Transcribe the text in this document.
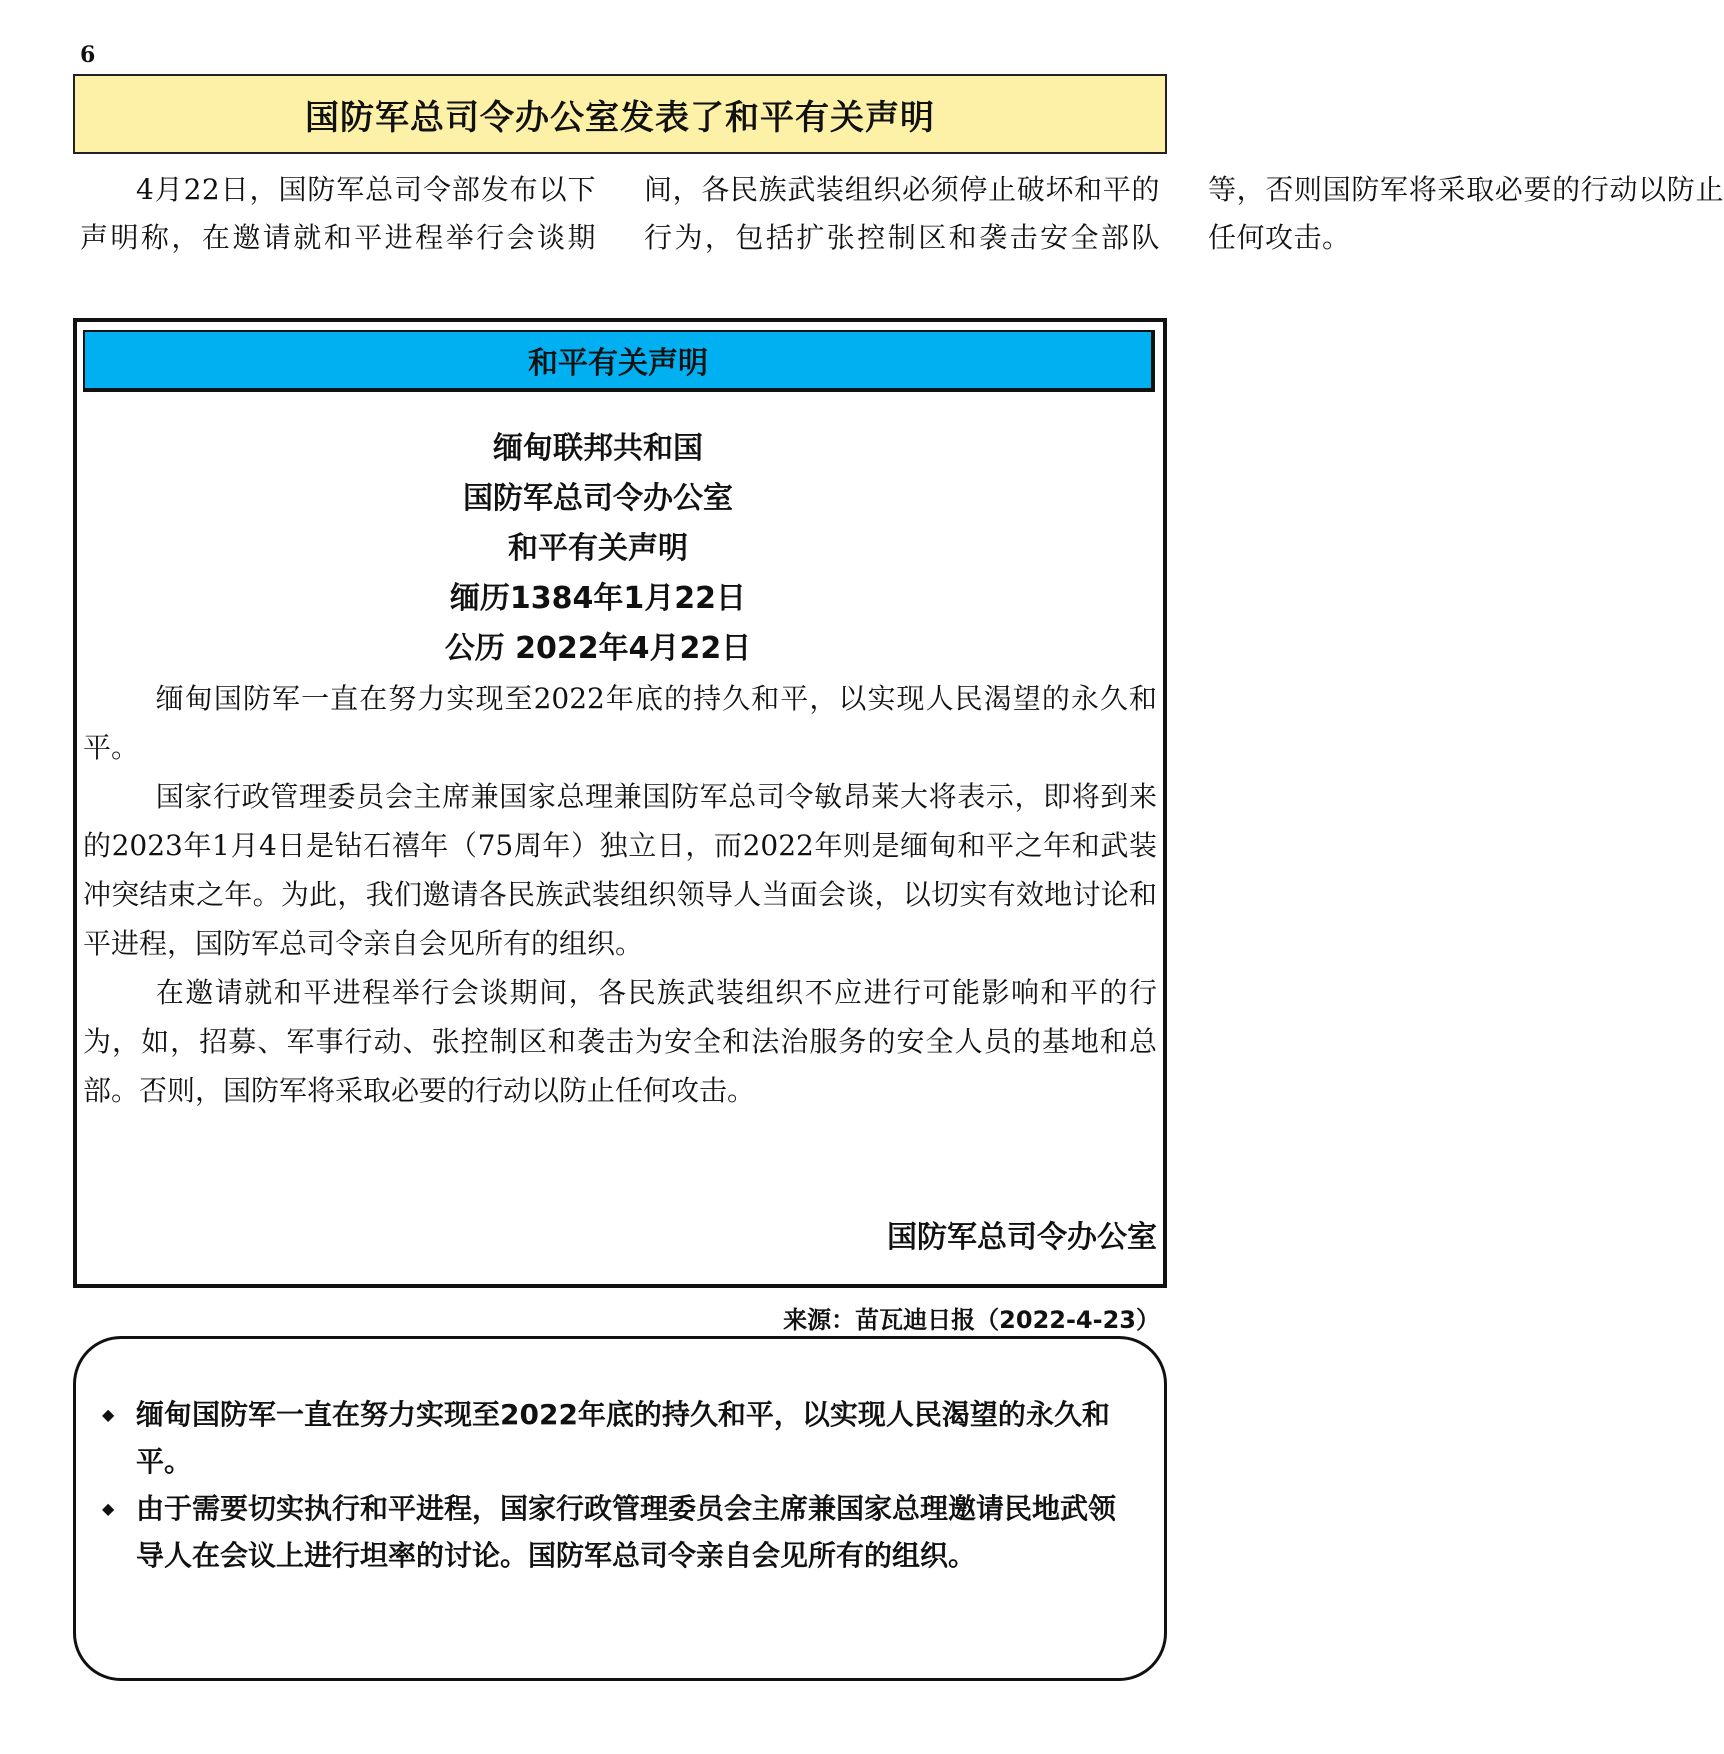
6
国防军总司令办公室发表了和平有关声明
4月22日，国防军总司令部发布以下声明称，在邀请就和平进程举行会谈期间，各民族武装组织必须停止破坏和平的行为，包括扩张控制区和袭击安全部队等，否则国防军将采取必要的行动以防止任何攻击。
和平有关声明
缅甸联邦共和国
国防军总司令办公室
和平有关声明
缅历1384年1月22日
公历 2022年4月22日

缅甸国防军一直在努力实现至2022年底的持久和平，以实现人民渴望的永久和平。

国家行政管理委员会主席兼国家总理兼国防军总司令敏昂莱大将表示，即将到来的2023年1月4日是钻石禧年（75周年）独立日，而2022年则是缅甸和平之年和武装冲突结束之年。为此，我们邀请各民族武装组织领导人当面会谈，以切实有效地讨论和平进程，国防军总司令亲自会见所有的组织。

在邀请就和平进程举行会谈期间，各民族武装组织不应进行可能影响和平的行为，如，招募、军事行动、张控制区和袭击为安全和法治服务的安全人员的基地和总部。否则，国防军将采取必要的行动以防止任何攻击。

国防军总司令办公室
来源：苗瓦迪日报（2022-4-23）
◆ 缅甸国防军一直在努力实现至2022年底的持久和平，以实现人民渴望的永久和平。
◆ 由于需要切实执行和平进程，国家行政管理委员会主席兼国家总理邀请民地武领导人在会议上进行坦率的讨论。国防军总司令亲自会见所有的组织。
